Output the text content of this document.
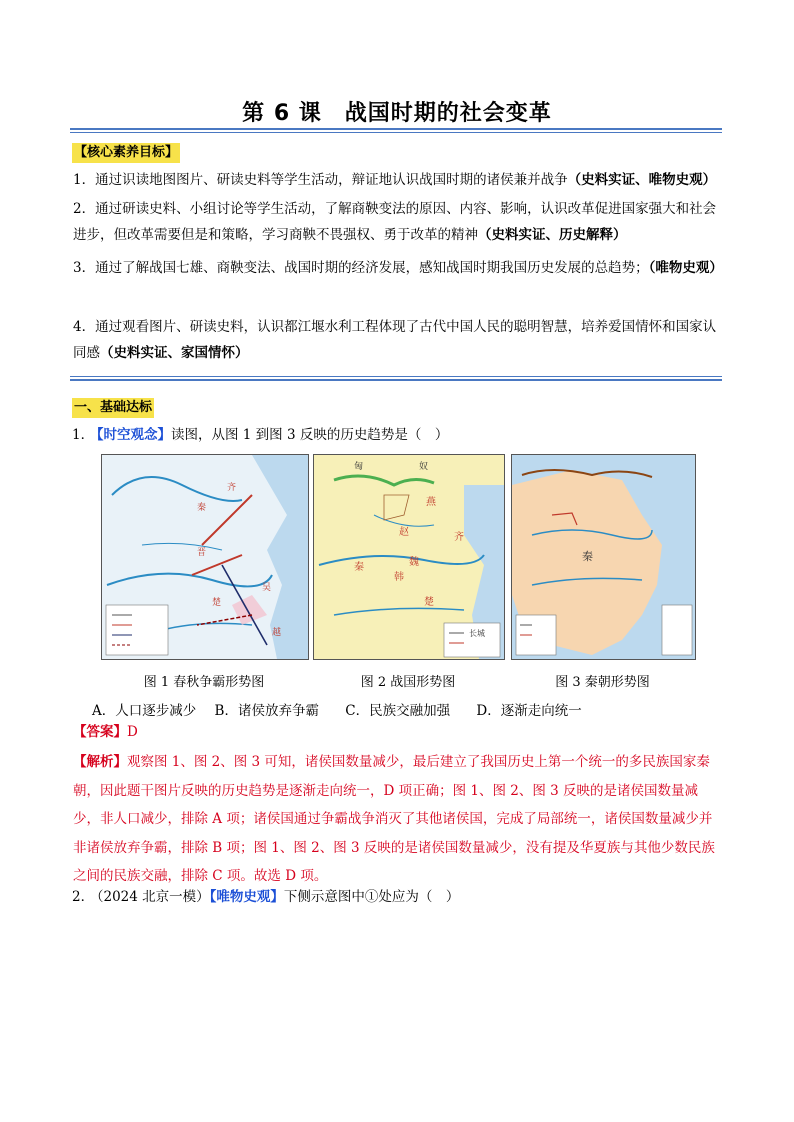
第 6 课　战国时期的社会变革
【核心素养目标】
1．通过识读地图图片、研读史料等学生活动，辩证地认识战国时期的诸侯兼并战争（史料实证、唯物史观）
2．通过研读史料、小组讨论等学生活动，了解商鞅变法的原因、内容、影响，认识改革促进国家强大和社会进步，但改革需要但是和策略，学习商鞅不畏强权、勇于改革的精神（史料实证、历史解释）
3．通过了解战国七雄、商鞅变法、战国时期的经济发展，感知战国时期我国历史发展的总趋势；（唯物史观）
4．通过观看图片、研读史料，认识都江堰水利工程体现了古代中国人民的聪明智慧，培养爱国情怀和国家认同感（史料实证、家国情怀）
一、基础达标
1．
【时空观念】读图，从图 1 到图 3 反映的历史趋势是（　）
秦
齐
晋
楚
吴
越
匈	奴
燕
赵
魏
韩
秦
齐
楚
长城
秦
图 1 春秋争霸形势图	图 2 战国形势图	图 3 秦朝形势图
A．人口逐步减少 B．诸侯放弃争霸 C．民族交融加强 D．逐渐走向统一
【答案】D
【解析】观察图 1、图 2、图 3 可知，诸侯国数量减少，最后建立了我国历史上第一个统一的多民族国家秦朝，因此题干图片反映的历史趋势是逐渐走向统一，D 项正确；图 1、图 2、图 3 反映的是诸侯国数量减少，非人口减少，排除 A 项；诸侯国通过争霸战争消灭了其他诸侯国，完成了局部统一，诸侯国数量减少并非诸侯放弃争霸，排除 B 项；图 1、图 2、图 3 反映的是诸侯国数量减少，没有提及华夏族与其他少数民族之间的民族交融，排除 C 项。故选 D 项。
2．
（2024 北京一模）【唯物史观】下侧示意图中①处应为（　）
